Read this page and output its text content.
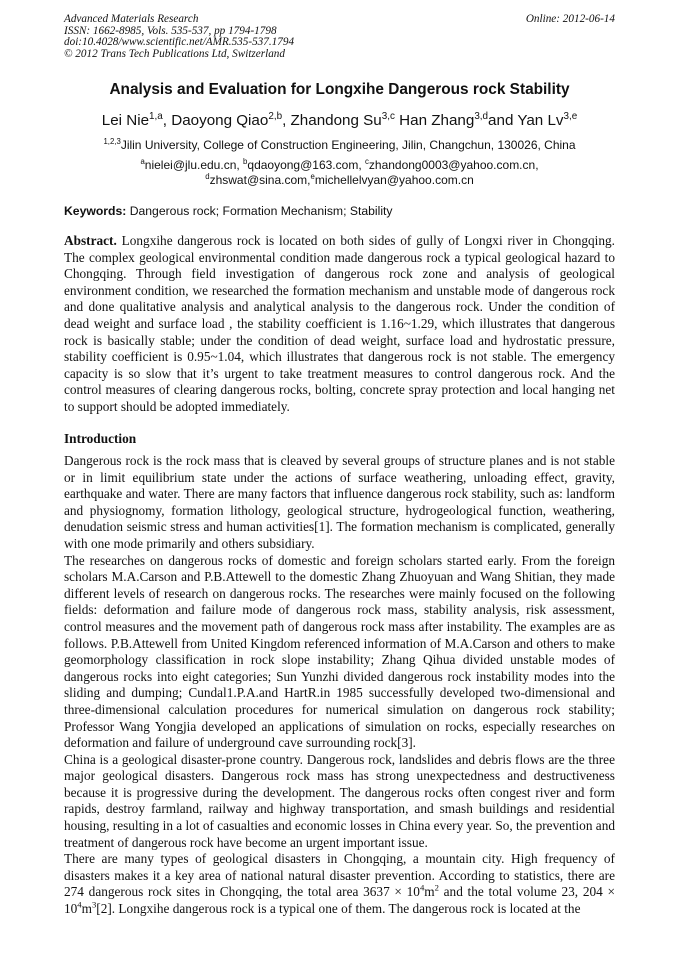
Advanced Materials Research
ISSN: 1662-8985, Vols. 535-537, pp 1794-1798
doi:10.4028/www.scientific.net/AMR.535-537.1794
© 2012 Trans Tech Publications Ltd, Switzerland
Online: 2012-06-14
Analysis and Evaluation for Longxihe Dangerous rock Stability
Lei Nie$^{1,a}$, Daoyong Qiao$^{2,b}$, Zhandong Su$^{3,c}$ Han Zhang$^{3,d}$and Yan Lv$^{3,e}$
$^{1,2,3}$Jilin University, College of Construction Engineering, Jilin, Changchun, 130026, China
$^a$nielei@jlu.edu.cn, $^b$qdaoyong@163.com, $^c$zhandong0003@yahoo.com.cn,
$^d$zhswat@sina.com,$^e$michellelvyan@yahoo.com.cn
Keywords: Dangerous rock; Formation Mechanism; Stability

Abstract. Longxihe dangerous rock is located on both sides of gully of Longxi river in Chongqing. The complex geological environmental condition made dangerous rock a typical geological hazard to Chongqing. Through field investigation of dangerous rock zone and analysis of geological environment condition, we researched the formation mechanism and unstable mode of dangerous rock and done qualitative analysis and analytical analysis to the dangerous rock. Under the condition of dead weight and surface load , the stability coefficient is 1.16~1.29, which illustrates that dangerous rock is basically stable; under the condition of dead weight, surface load and hydrostatic pressure, stability coefficient is 0.95~1.04, which illustrates that dangerous rock is not stable. The emergency capacity is so slow that it’s urgent to take treatment measures to control dangerous rock. And the control measures of clearing dangerous rocks, bolting, concrete spray protection and local hanging net to support should be adopted immediately.

Introduction

Dangerous rock is the rock mass that is cleaved by several groups of structure planes and is not stable or in limit equilibrium state under the actions of surface weathering, unloading effect, gravity, earthquake and water. There are many factors that influence dangerous rock stability, such as: landform and physiognomy, formation lithology, geological structure, hydrogeological function, weathering, denudation seismic stress and human activities[1]. The formation mechanism is complicated, generally with one mode primarily and others subsidiary.

The researches on dangerous rocks of domestic and foreign scholars started early. From the foreign scholars M.A.Carson and P.B.Attewell to the domestic Zhang Zhuoyuan and Wang Shitian, they made different levels of research on dangerous rocks. The researches were mainly focused on the following fields: deformation and failure mode of dangerous rock mass, stability analysis, risk assessment, control measures and the movement path of dangerous rock mass after instability. The examples are as follows. P.B.Attewell from United Kingdom referenced information of M.A.Carson and others to make geomorphology classification in rock slope instability; Zhang Qihua divided unstable modes of dangerous rocks into eight categories; Sun Yunzhi divided dangerous rock instability modes into the sliding and dumping; Cundal1.P.A.and HartR.in 1985 successfully developed two-dimensional and three-dimensional calculation procedures for numerical simulation on dangerous rock stability; Professor Wang Yongjia developed an applications of simulation on rocks, especially researches on deformation and failure of underground cave surrounding rock[3].

China is a geological disaster-prone country. Dangerous rock, landslides and debris flows are the three major geological disasters. Dangerous rock mass has strong unexpectedness and destructiveness because it is progressive during the development. The dangerous rocks often congest river and form rapids, destroy farmland, railway and highway transportation, and smash buildings and residential housing, resulting in a lot of casualties and economic losses in China every year. So, the prevention and treatment of dangerous rock have become an urgent important issue.

There are many types of geological disasters in Chongqing, a mountain city. High frequency of disasters makes it a key area of national natural disaster prevention. According to statistics, there are 274 dangerous rock sites in Chongqing, the total area $3637 \times 10^4m^2$ and the total volume 23, $204 \times 10^4m^3[2]$. Longxihe dangerous rock is a typical one of them. The dangerous rock is located at the
